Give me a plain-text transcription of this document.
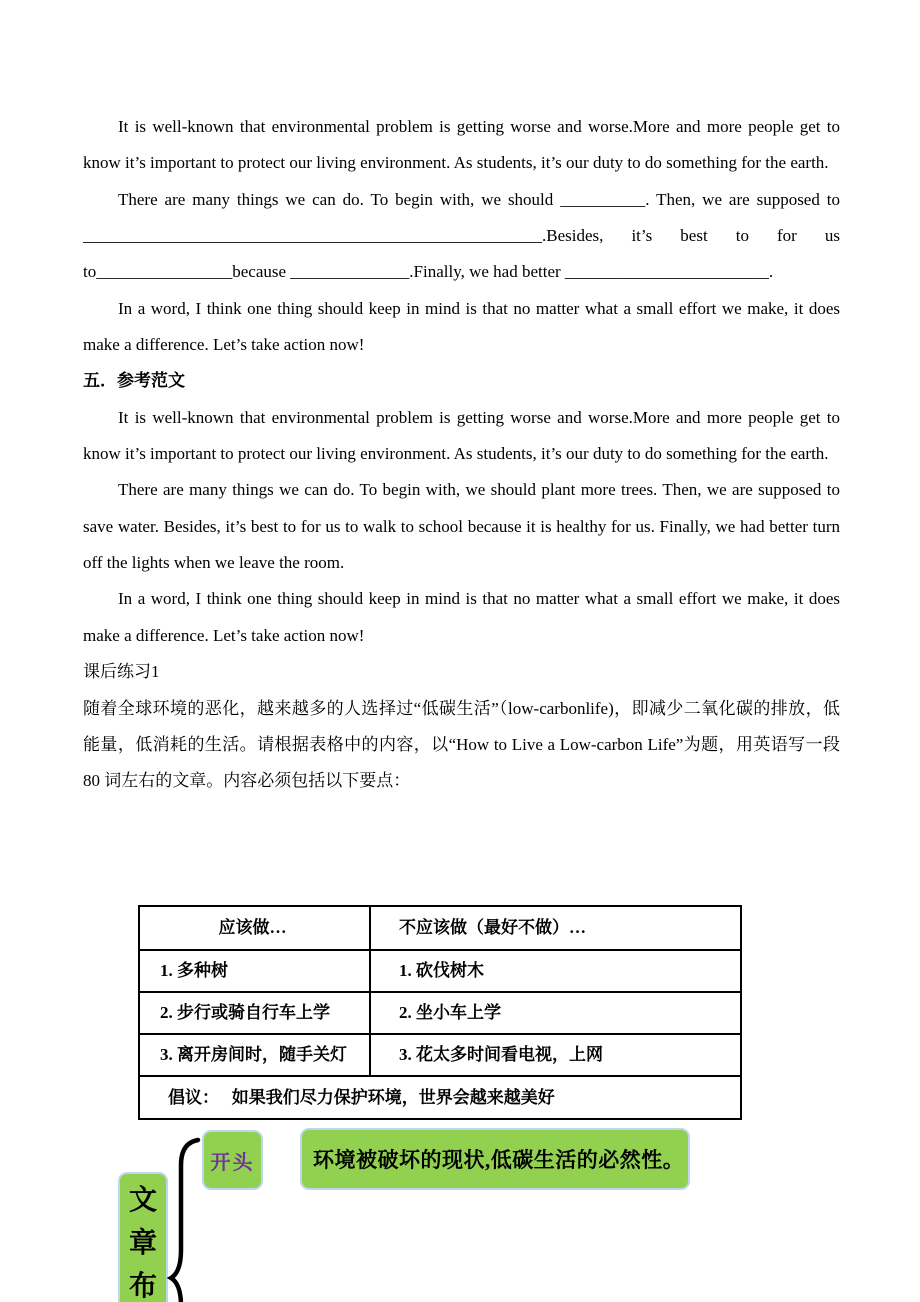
It is well-known that environmental problem is getting worse and worse.More and more people get to know it’s important to protect our living environment. As students, it’s our duty to do something for the earth.

There are many things we can do. To begin with, we should __________. Then, we are supposed to ______________________________________________________.Besides, it’s best to for us to________________because ______________.Finally, we had better ________________________.

In a word, I think one thing should keep in mind is that no matter what a small effort we make, it does make a difference. Let’s take action now!

五．参考范文

It is well-known that environmental problem is getting worse and worse.More and more people get to know it’s important to protect our living environment. As students, it’s our duty to do something for the earth.

There are many things we can do. To begin with, we should plant more trees. Then, we are supposed to save water. Besides, it’s best to for us to walk to school because it is healthy for us. Finally, we had better turn off the lights when we leave the room.

In a word, I think one thing should keep in mind is that no matter what a small effort we make, it does make a difference. Let’s take action now!

课后练习1

随着全球环境的恶化，越来越多的人选择过“低碳生活”（low-carbonlife)，即减少二氧化碳的排放，低能量，低消耗的生活。请根据表格中的内容，以“How to Live a Low-carbon Life”为题，用英语写一段80 词左右的文章。内容必须包括以下要点：

应该做…	不应该做（最好不做）…
1. 多种树	1. 砍伐树木
2. 步行或骑自行车上学	2. 坐小车上学
3. 离开房间时，随手关灯	3. 花太多时间看电视，上网
倡议：　 如果我们尽力保护环境，世界会越来越美好	
文
章
布
开头	环境被破坏的现状,低碳生活的必然性。
